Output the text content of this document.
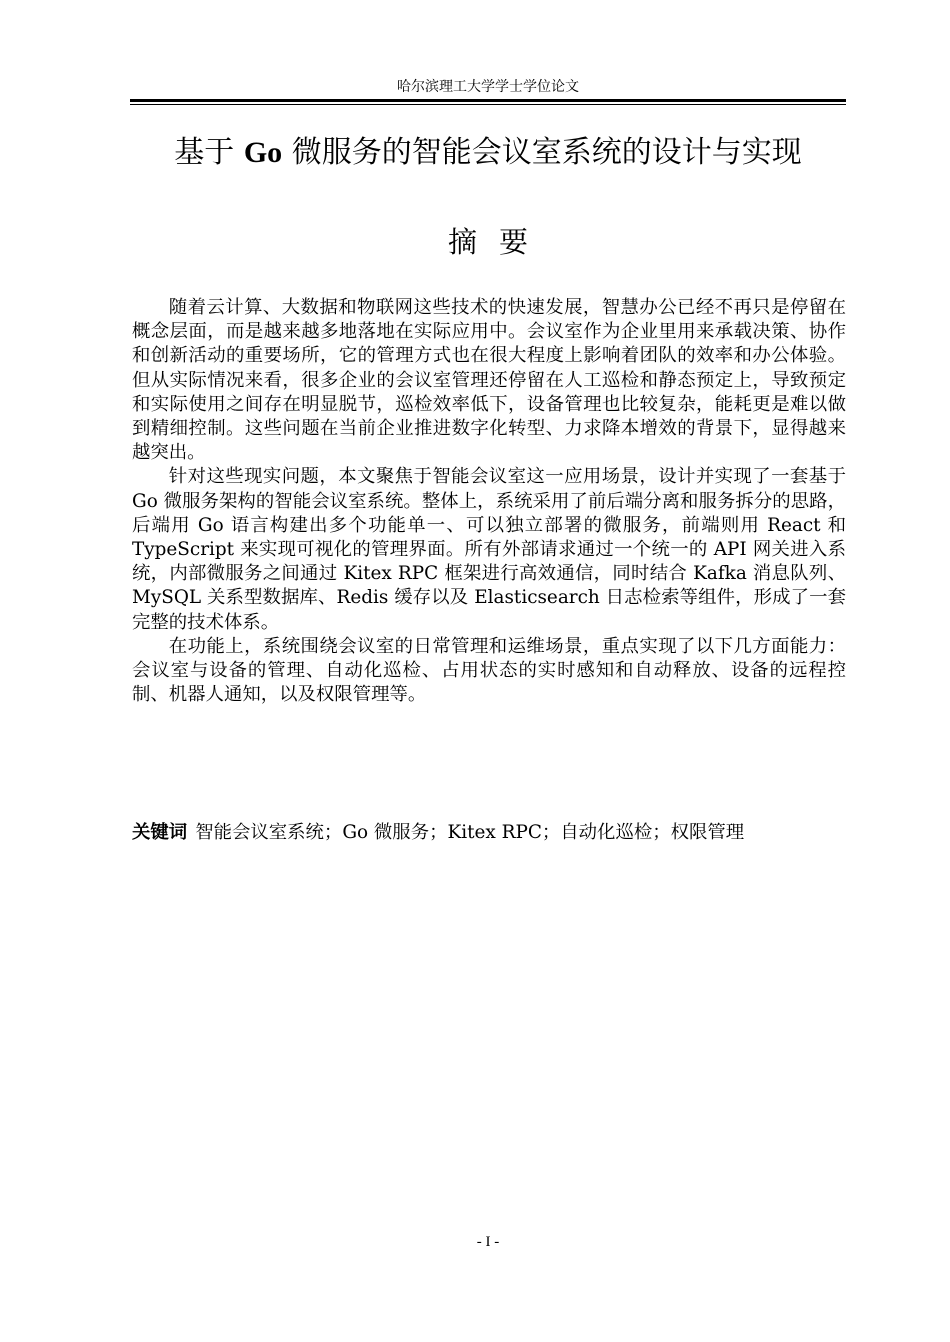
哈尔滨理工大学学士学位论文
基于 Go 微服务的智能会议室系统的设计与实现
摘要

随着云计算、大数据和物联网这些技术的快速发展，智慧办公已经不再只是停留在概念层面，而是越来越多地落地在实际应用中。会议室作为企业里用来承载决策、协作和创新活动的重要场所，它的管理方式也在很大程度上影响着团队的效率和办公体验。但从实际情况来看，很多企业的会议室管理还停留在人工巡检和静态预定上，导致预定和实际使用之间存在明显脱节，巡检效率低下，设备管理也比较复杂，能耗更是难以做到精细控制。这些问题在当前企业推进数字化转型、力求降本增效的背景下，显得越来越突出。

针对这些现实问题，本文聚焦于智能会议室这一应用场景，设计并实现了一套基于 Go 微服务架构的智能会议室系统。整体上，系统采用了前后端分离和服务拆分的思路，后端用 Go 语言构建出多个功能单一、可以独立部署的微服务，前端则用 React 和 TypeScript 来实现可视化的管理界面。所有外部请求通过一个统一的 API 网关进入系统，内部微服务之间通过 Kitex RPC 框架进行高效通信，同时结合 Kafka 消息队列、MySQL 关系型数据库、Redis 缓存以及 Elasticsearch 日志检索等组件，形成了一套完整的技术体系。

在功能上，系统围绕会议室的日常管理和运维场景，重点实现了以下几方面能力：会议室与设备的管理、自动化巡检、占用状态的实时感知和自动释放、设备的远程控制、机器人通知，以及权限管理等。

关键词 智能会议室系统；Go 微服务；Kitex RPC；自动化巡检；权限管理
- I -
